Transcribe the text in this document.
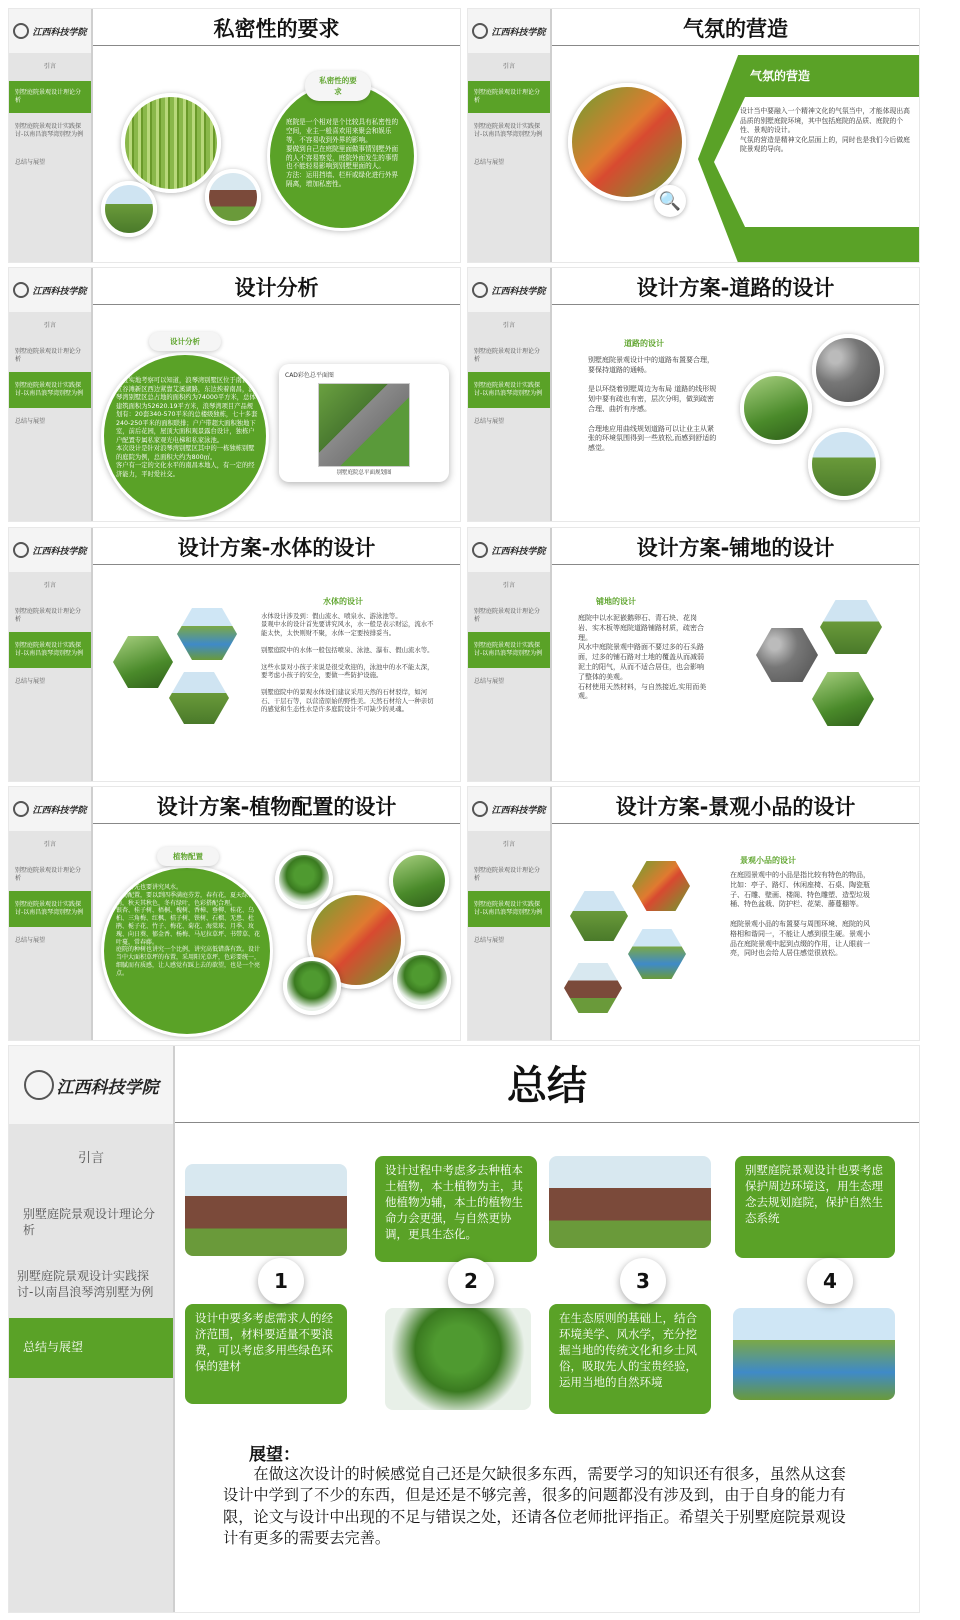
江西科技学院
引言
别墅庭院景观设计理论分析
别墅庭院景观设计实践探讨-以南昌浪琴湾别墅为例
总结与展望
私密性的要求
庭院是一个相对是个比较具有私密性的空间，业主一般喜欢用来聚会和娱乐等，不容易收到外界的影响。
要做到自己在庭院里面做事情别墅外面的人不容易察觉，庭院外面发生的事情也不能轻易影响到别墅里面的人。
方法：运用挡墙、栏杆或绿化进行外界隔离，增加私密性。
私密性的要求
江西科技学院
引言
别墅庭院景观设计理论分析
别墅庭院景观设计实践探讨-以南昌浪琴湾别墅为例
总结与展望
气氛的营造
气氛的营造
设计当中要融入一个精神文化的气氛当中，才能体现出高品质的别墅庭院环境，其中包括庭院的品质、庭院的个性、景观的设计。
气氛的营造是精神文化层面上的，同时也是我们今后做庭院景观的导向。
🔍
江西科技学院
引言
别墅庭院景观设计理论分析
别墅庭院景观设计实践探讨-以南昌浪琴湾别墅为例
总结与展望
设计分析
通过实地考察可以知道，浪琴湾别墅区位于南昌市红谷滩新区西边紧靠艾溪湖路，东边挨着南昌，浪琴湾别墅区总占地的面积约为74000平方米，总体建筑面积为52620.19平方米，浪琴湾项目产品规划有：20套340-570平米的总楼级独栋，七十多套240-250平米的面积联排；户户带超大面积独地下室，前后花园，屋顶大面积观景露台设计，独栋户户配置专属私家观光电梯和私家泳池。
本次设计是针对浪琴湾别墅区其中的一栋独栋别墅的庭院为例，总面积大约为800㎡。
客户有一定的文化水平的南昌本地人，有一定的经济能力，平时爱社交。
设计分析
CAD彩色总平面图
别墅庭院总平面规划图
江西科技学院
引言
别墅庭院景观设计理论分析
别墅庭院景观设计实践探讨-以南昌浪琴湾别墅为例
总结与展望
设计方案-道路的设计
道路的设计
别墅庭院景观设计中的道路布置要合理，要保持道路的通畅。

是以环绕着别墅周边为布局 道路的线形规划中要有疏也有密，层次分明，做到疏密合理、曲折有序感。

合理地应用曲线规划道路可以让业主从紧张的环境氛围得到一些放松,而感到舒适的感觉。
江西科技学院
引言
别墅庭院景观设计理论分析
别墅庭院景观设计实践探讨-以南昌浪琴湾别墅为例
总结与展望
设计方案-水体的设计
水体的设计
水体设计涉及到：假山流水、喷泉水、游泳池等。
景观中水的设计首先要讲究风水，水一般是表示财运，流水不能太快，太快则财不聚，水体一定要按排妥当。

别墅庭院中的水体一般包括喷泉、泳池、瀑布、假山流水等。

这些水景对小孩子来说是很受欢迎的，泳池中的水不能太深，要考虑小孩子的安全，要做一些防护设施。

别墅庭院中的景观水体设们建议采用天然的石材驳岸，如河石、干层石等，以营造原始的野性美。天然石材给人一种亲切的感觉和生态性水是许多庭院设计不可缺少的灵魂。
江西科技学院
引言
别墅庭院景观设计理论分析
别墅庭院景观设计实践探讨-以南昌浪琴湾别墅为例
总结与展望
设计方案-铺地的设计
铺地的设计
庭院中以水泥嵌鹅卵石、青石块、花岗岩、实木板等庭院道路铺路材质，疏密合理。
风水中庭院景观中路面不要过多的石头路面，过多的铺石路对土地的覆盖从而减弱泥土的阳气，从而不适合居住，也会影响了整体的美观。
石材使用天然材料，与自然接近,实用而美观。
江西科技学院
引言
别墅庭院景观设计理论分析
别墅庭院景观设计实践探讨-以南昌浪琴湾别墅为例
总结与展望
设计方案-植物配置的设计
植物首先也要讲究风水。
植物配置，要以到四季满庭芬芳，春有花，夏天绿树成荫，秋天其秋色，冬有绿叶，色彩搭配合理。
银杏、桂子树、梧桐、槐树、香樟、垂柳、桂花、乌桕、三角梅、红枫、桔子树、铁树、石榴、无患、杜鹃、栀子花、竹子、梅花、菊花、海棠球、月季、玫瑰、向日葵、郁金香、杨梅、马尼拉草坪、书带草、花叶蔓，常春藤。
庭院的种树也讲究一个比例，讲究高低错落有致。设计当中大面积草坪的布置，采用阳光草坪，色彩要统一，细腻而有质感，让人感觉有踩上去的欲望，也是一个亮点。
植物配置
江西科技学院
引言
别墅庭院景观设计理论分析
别墅庭院景观设计实践探讨-以南昌浪琴湾别墅为例
总结与展望
设计方案-景观小品的设计
景观小品的设计
在庭园景观中的小品是指比较有特色的物品，比如：亭子、路灯、休闲座椅、石桌、陶瓷瓶子、石雕、壁画、楼阁、特色雕塑、造型垃圾桶、特色盆栽、防护栏、花架、藤蔓棚等。

庭院景观小品的布置要与周围环境、庭院的风格相和谐同一，不能让人感到很生硬。景观小品在庭院景观中起到点缀的作用，让人眼前一亮，同时也会给人居住感觉很放松。
江西科技学院
引言
别墅庭院景观设计理论分析
别墅庭院景观设计实践探讨-以南昌浪琴湾别墅为例
总结与展望
总结
设计中要多考虑需求人的经济范围，材料要适量不要浪费，可以考虑多用些绿色环保的建材
1
设计过程中考虑多去种植本土植物，本土植物为主，其他植物为辅，本土的植物生命力会更强，与自然更协调，更具生态化。
2
在生态原则的基础上，结合环境美学、风水学，充分挖掘当地的传统文化和乡土风俗，吸取先人的宝贵经验，运用当地的自然环境
3
别墅庭院景观设计也要考虑保护周边环境这，用生态理念去规划庭院，保护自然生态系统
4
展望：
在做这次设计的时候感觉自己还是欠缺很多东西，需要学习的知识还有很多，虽然从这套设计中学到了不少的东西，但是还是不够完善，很多的问题都没有涉及到，由于自身的能力有限，论文与设计中出现的不足与错误之处，还请各位老师批评指正。希望关于别墅庭院景观设计有更多的需要去完善。
